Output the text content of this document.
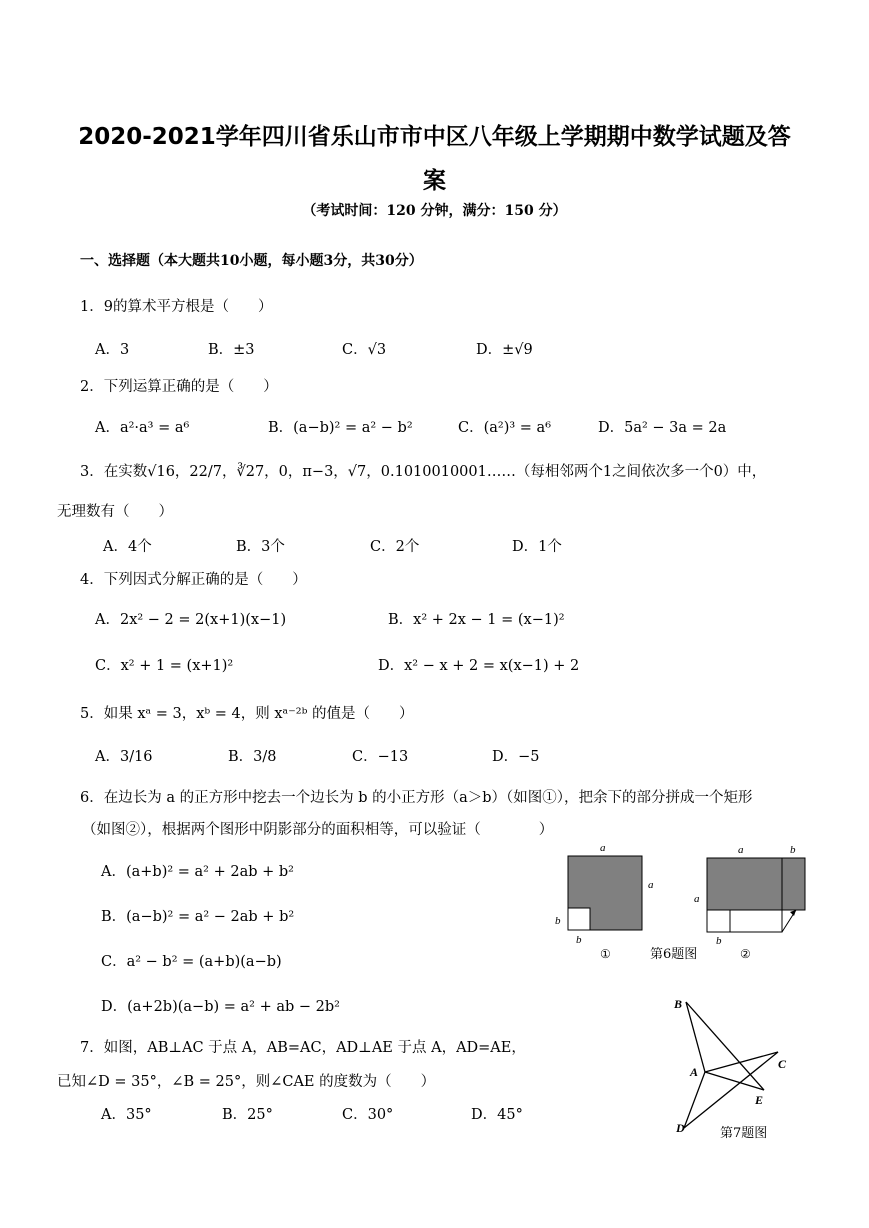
2020-2021学年四川省乐山市市中区八年级上学期期中数学试题及答
案
（考试时间：120 分钟，满分：150 分）
一、选择题（本大题共10小题，每小题3分，共30分）
1．9的算术平方根是（　　）
A．3	B．±3	C．√3	D．±√9
2．下列运算正确的是（　　）
A．a²·a³ = a⁶	B．(a−b)² = a² − b²	C．(a²)³ = a⁶	D．5a² − 3a = 2a
3．在实数√16，22/7，∛27，0，π−3，√7，0.1010010001……（每相邻两个1之间依次多一个0）中，
无理数有（　　）
A．4个	B．3个	C．2个	D．1个
4．下列因式分解正确的是（　　）
A．2x² − 2 = 2(x+1)(x−1)	B．x² + 2x − 1 = (x−1)²
C．x² + 1 = (x+1)²	D．x² − x + 2 = x(x−1) + 2
5．如果 xᵃ = 3，xᵇ = 4，则 xᵃ⁻²ᵇ 的值是（　　）
A．3/16	B．3/8	C．−13	D．−5
6．在边长为 a 的正方形中挖去一个边长为 b 的小正方形（a＞b）（如图①），把余下的部分拼成一个矩形
（如图②），根据两个图形中阴影部分的面积相等，可以验证（　　　　）
A．(a+b)² = a² + 2ab + b²
B．(a−b)² = a² − 2ab + b²
C．a² − b² = (a+b)(a−b)
D．(a+2b)(a−b) = a² + ab − 2b²
a
a
b
b
①
a	b
a
b
②
第6题图
7．如图，AB⊥AC 于点 A，AB=AC，AD⊥AE 于点 A，AD=AE，
已知∠D = 35°，∠B = 25°，则∠CAE 的度数为（　　）
A．35°	B．25°	C．30°	D．45°
B
A
C
E
D	第7题图
